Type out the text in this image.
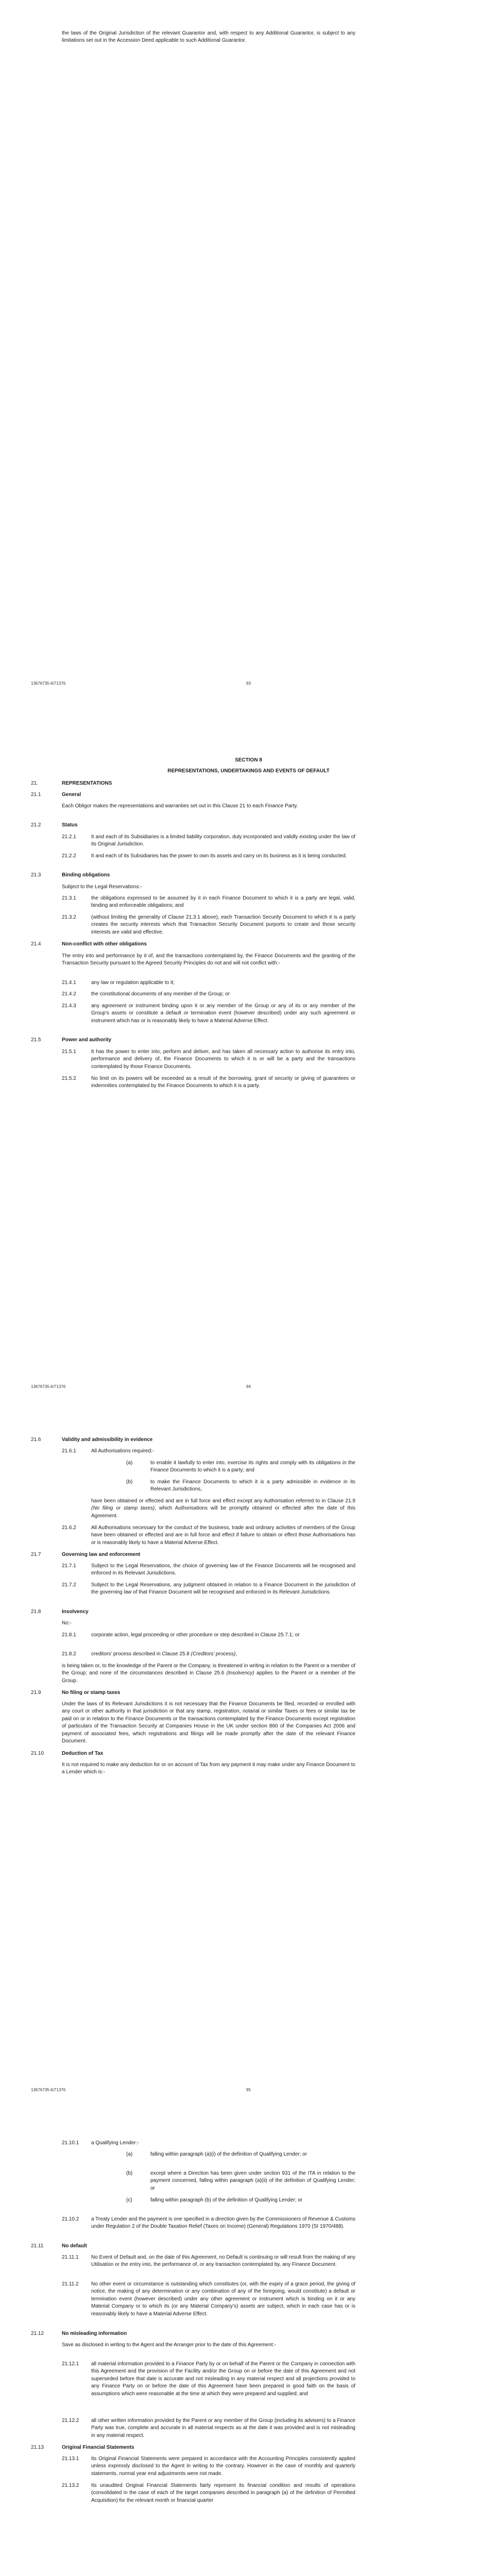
the laws of the Original Jurisdiction of the relevant Guarantor and, with respect to any Additional Guarantor, is subject to any limitations set out in the Accession Deed applicable to such Additional Guarantor.

13676735-6/71376	93

SECTION 8

REPRESENTATIONS, UNDERTAKINGS AND EVENTS OF DEFAULT

21.	REPRESENTATIONS

21.1	General

Each Obligor makes the representations and warranties set out in this Clause 21 to each Finance Party.

21.2	Status

21.2.1	It and each of its Subsidiaries is a limited liability corporation, duly incorporated and validly existing under the law of its Original Jurisdiction.

21.2.2	It and each of its Subsidiaries has the power to own its assets and carry on its business as it is being conducted.

21.3	Binding obligations

Subject to the Legal Reservations:-

21.3.1	the obligations expressed to be assumed by it in each Finance Document to which it is a party are legal, valid, binding and enforceable obligations; and

21.3.2	(without limiting the generality of Clause 21.3.1 above), each Transaction Security Document to which it is a party creates the security interests which that Transaction Security Document purports to create and those security interests are valid and effective.

21.4	Non-conflict with other obligations

The entry into and performance by it of, and the transactions contemplated by, the Finance Documents and the granting of the Transaction Security pursuant to the Agreed Security Principles do not and will not conflict with:-

21.4.1	any law or regulation applicable to it;

21.4.2	the constitutional documents of any member of the Group; or

21.4.3	any agreement or instrument binding upon it or any member of the Group or any of its or any member of the Group’s assets or constitute a default or termination event (however described) under any such agreement or instrument which has or is reasonably likely to have a Material Adverse Effect.

21.5	Power and authority

21.5.1	It has the power to enter into, perform and deliver, and has taken all necessary action to authorise its entry into, performance and delivery of, the Finance Documents to which it is or will be a party and the transactions contemplated by those Finance Documents.

21.5.2	No limit on its powers will be exceeded as a result of the borrowing, grant of security or giving of guarantees or indemnities contemplated by the Finance Documents to which it is a party.

13676735-6/71376	94

21.6	Validity and admissibility in evidence

21.6.1	All Authorisations required:-

(a)	to enable it lawfully to enter into, exercise its rights and comply with its obligations in the Finance Documents to which it is a party; and

(b)	to make the Finance Documents to which it is a party admissible in evidence in its Relevant Jurisdictions,

have been obtained or effected and are in full force and effect except any Authorisation referred to in Clause 21.9 (No filing or stamp taxes), which Authorisations will be promptly obtained or effected after the date of this Agreement.

21.6.2	All Authorisations necessary for the conduct of the business, trade and ordinary activities of members of the Group have been obtained or effected and are in full force and effect if failure to obtain or effect those Authorisations has or is reasonably likely to have a Material Adverse Effect.

21.7	Governing law and enforcement

21.7.1	Subject to the Legal Reservations, the choice of governing law of the Finance Documents will be recognised and enforced in its Relevant Jurisdictions.

21.7.2	Subject to the Legal Reservations, any judgment obtained in relation to a Finance Document in the jurisdiction of the governing law of that Finance Document will be recognised and enforced in its Relevant Jurisdictions.

21.8	Insolvency

No:-

21.8.1	corporate action, legal proceeding or other procedure or step described in Clause 25.7.1; or

21.8.2	creditors’ process described in Clause 25.8 (Creditors’ process),

is being taken or, to the knowledge of the Parent or the Company, is threatened in writing in relation to the Parent or a member of the Group; and none of the circumstances described in Clause 25.6 (Insolvency) applies to the Parent or a member of the Group.

21.9	No filing or stamp taxes

Under the laws of its Relevant Jurisdictions it is not necessary that the Finance Documents be filed, recorded or enrolled with any court or other authority in that jurisdiction or that any stamp, registration, notarial or similar Taxes or fees or similar tax be paid on or in relation to the Finance Documents or the transactions contemplated by the Finance Documents except registration of particulars of the Transaction Security at Companies House in the UK under section 860 of the Companies Act 2006 and payment of associated fees, which registrations and filings will be made promptly after the date of the relevant Finance Document.

21.10	Deduction of Tax

It is not required to make any deduction for or on account of Tax from any payment it may make under any Finance Document to a Lender which is:-

13676735-6/71376	95

21.10.1 a Qualifying Lender:-

(a)	falling within paragraph (a)(i) of the definition of Qualifying Lender; or

(b)	except where a Direction has been given under section 931 of the ITA in relation to the payment concerned, falling within paragraph (a)(ii) of the definition of Qualifying Lender; or

(c)	falling within paragraph (b) of the definition of Qualifying Lender; or

21.10.2 a Treaty Lender and the payment is one specified in a direction given by the Commissioners of Revenue & Customs under Regulation 2 of the Double Taxation Relief (Taxes on Income) (General) Regulations 1970 (SI 1970/488).

21.11	No default

21.11.1 No Event of Default and, on the date of this Agreement, no Default is continuing or will result from the making of any Utilisation or the entry into, the performance of, or any transaction contemplated by, any Finance Document.

21.11.2 No other event or circumstance is outstanding which constitutes (or, with the expiry of a grace period, the giving of notice, the making of any determination or any combination of any of the foregoing, would constitute) a default or termination event (however described) under any other agreement or instrument which is binding on it or any Material Company or to which its (or any Material Company’s) assets are subject, which in each case has or is reasonably likely to have a Material Adverse Effect.

21.12	No misleading information

Save as disclosed in writing to the Agent and the Arranger prior to the date of this Agreement:-

21.12.1 all material information provided to a Finance Party by or on behalf of the Parent or the Company in connection with this Agreement and the provision of the Facility and/or the Group on or before the date of this Agreement and not superseded before that date is accurate and not misleading in any material respect and all projections provided to any Finance Party on or before the date of this Agreement have been prepared in good faith on the basis of assumptions which were reasonable at the time at which they were prepared and supplied; and

21.12.2 all other written information provided by the Parent or any member of the Group (including its advisers) to a Finance Party was true, complete and accurate in all material respects as at the date it was provided and is not misleading in any material respect.

21.13	Original Financial Statements

21.13.1 Its Original Financial Statements were prepared in accordance with the Accounting Principles consistently applied unless expressly disclosed to the Agent in writing to the contrary. However in the case of monthly and quarterly statements, normal year end adjustments were not made.

21.13.2 Its unaudited Original Financial Statements fairly represent its financial condition and results of operations (consolidated in the case of each of the target companies described in paragraph (a) of the definition of Permitted Acquisition) for the relevant month or financial quarter
